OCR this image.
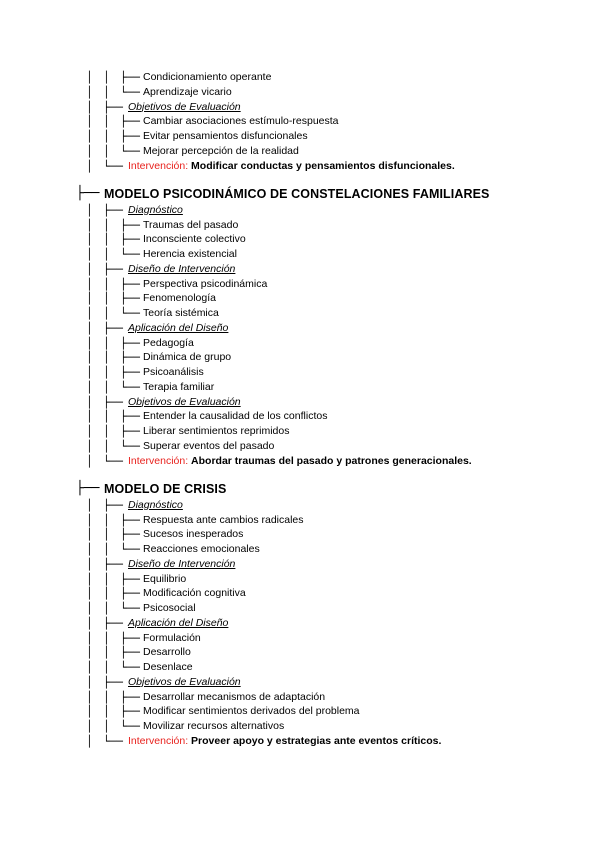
│ │ ├── Condicionamiento operante
│ │ └── Aprendizaje vicario
│ ├── Objetivos de Evaluación
│ │ ├── Cambiar asociaciones estímulo-respuesta
│ │ ├── Evitar pensamientos disfuncionales
│ │ └── Mejorar percepción de la realidad
│ └── Intervención: Modificar conductas y pensamientos disfuncionales.
├── MODELO PSICODINÁMICO DE CONSTELACIONES FAMILIARES
│ ├── Diagnóstico
│ │ ├── Traumas del pasado
│ │ ├── Inconsciente colectivo
│ │ └── Herencia existencial
│ ├── Diseño de Intervención
│ │ ├── Perspectiva psicodinámica
│ │ ├── Fenomenología
│ │ └── Teoría sistémica
│ ├── Aplicación del Diseño
│ │ ├── Pedagogía
│ │ ├── Dinámica de grupo
│ │ ├── Psicoanálisis
│ │ └── Terapia familiar
│ ├── Objetivos de Evaluación
│ │ ├── Entender la causalidad de los conflictos
│ │ ├── Liberar sentimientos reprimidos
│ │ └── Superar eventos del pasado
│ └── Intervención: Abordar traumas del pasado y patrones generacionales.
├── MODELO DE CRISIS
│ ├── Diagnóstico
│ │ ├── Respuesta ante cambios radicales
│ │ ├── Sucesos inesperados
│ │ └── Reacciones emocionales
│ ├── Diseño de Intervención
│ │ ├── Equilibrio
│ │ ├── Modificación cognitiva
│ │ └── Psicosocial
│ ├── Aplicación del Diseño
│ │ ├── Formulación
│ │ ├── Desarrollo
│ │ └── Desenlace
│ ├── Objetivos de Evaluación
│ │ ├── Desarrollar mecanismos de adaptación
│ │ ├── Modificar sentimientos derivados del problema
│ │ └── Movilizar recursos alternativos
│ └── Intervención: Proveer apoyo y estrategias ante eventos críticos.
